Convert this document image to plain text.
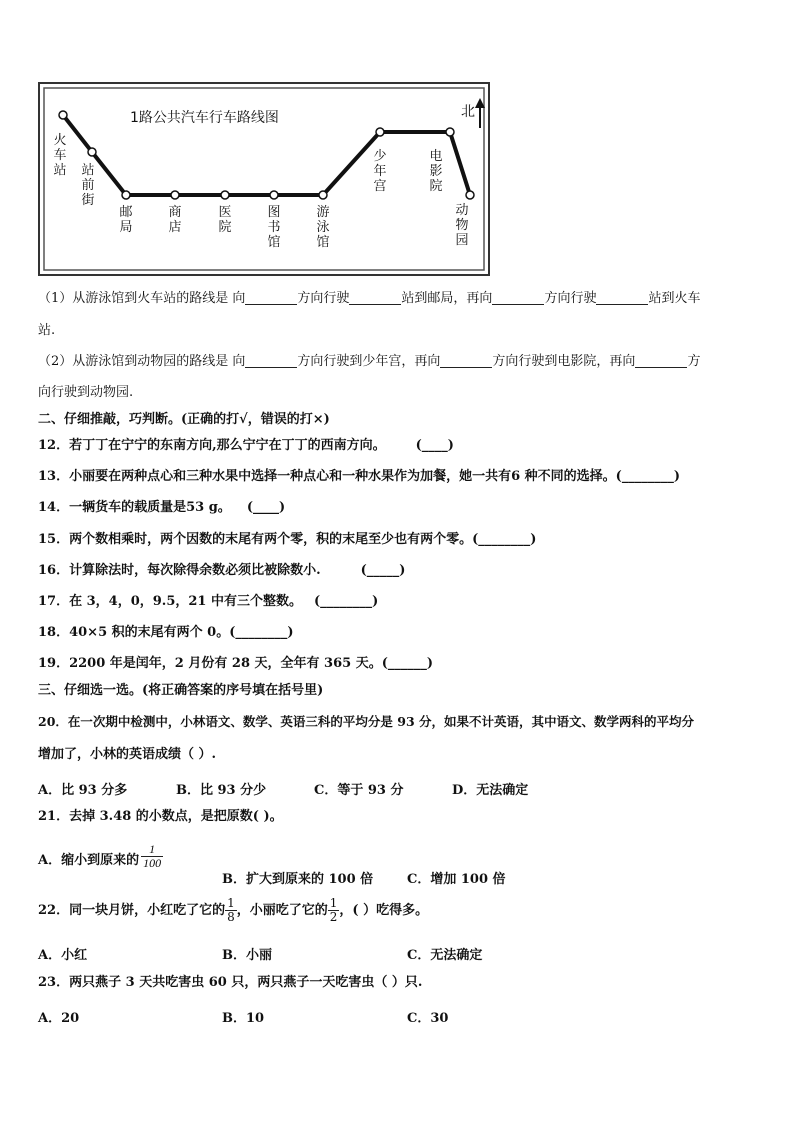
1路公共汽车行车路线图	北
火车站 站前街
邮局
商店
医院
图书馆
游泳馆
少年宫
电影院
动物园
（1）从游泳馆到火车站的路线是 向	方向行驶	站到邮局，再向	方向行驶	站到火车
站.
（2）从游泳馆到动物园的路线是 向	方向行驶到少年宫，再向	方向行驶到电影院，再向	方
向行驶到动物园.
二、仔细推敲，巧判断。(正确的打√，错误的打×)
12．若丁丁在宁宁的东南方向,那么宁宁在丁丁的西南方向。 (____)
13．小丽要在两种点心和三种水果中选择一种点心和一种水果作为加餐，她一共有6 种不同的选择。(________)
14．一辆货车的载质量是53 g。 (____)
15．两个数相乘时，两个因数的末尾有两个零，积的末尾至少也有两个零。(________)
16．计算除法时，每次除得余数必须比被除数小.	(_____)
17．在 3，4，0，9.5，21 中有三个整数。 (________)
18．40×5 积的末尾有两个 0。(________)
19．2200 年是闰年，2 月份有 28 天，全年有 365 天。(______)
三、仔细选一选。(将正确答案的序号填在括号里)
20．在一次期中检测中，小林语文、数学、英语三科的平均分是 93 分，如果不计英语，其中语文、数学两科的平均分
增加了，小林的英语成绩（ ）.
A．比 93 分多	B．比 93 分少	C．等于 93 分	D．无法确定
21．去掉 3.48 的小数点，是把原数( )。
A．缩小到原来的 $\frac{1}{100}$
B．扩大到原来的 100 倍	C．增加 100 倍
22．同一块月饼，小红吃了它的 $\frac{1}{8}$ ，小丽吃了它的 $\frac{1}{2}$ ，( ）吃得多。
A．小红	B．小丽	C．无法确定
23．两只燕子 3 天共吃害虫 60 只，两只燕子一天吃害虫（ ）只.
A．20	B．10	C．30
